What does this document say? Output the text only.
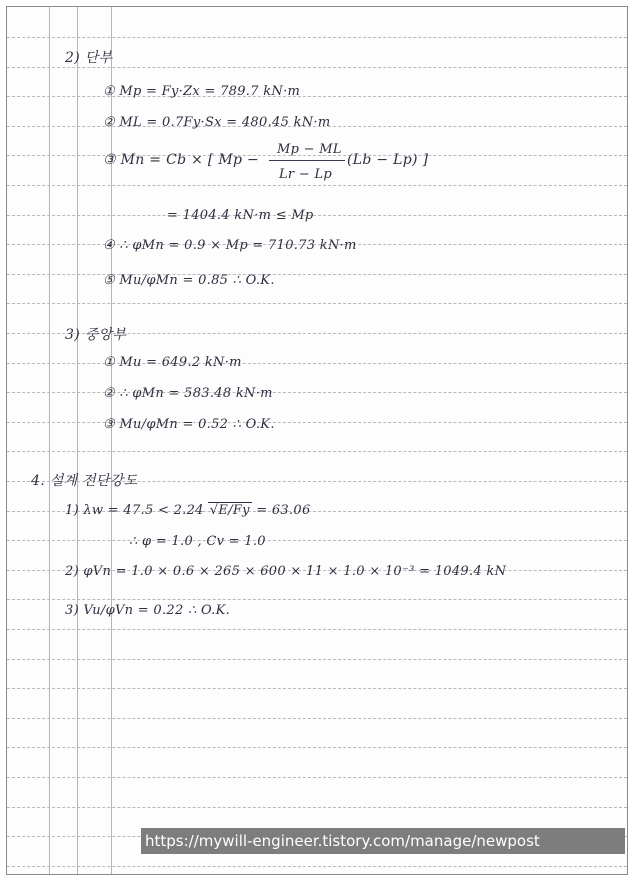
2) 단부
① Mp = Fy·Zx = 789.7 kN·m
② ML = 0.7Fy·Sx = 480.45 kN·m
③ Mn = Cb × [ Mp −
Mp − ML
Lr − Lp
(Lb − Lp) ]
= 1404.4 kN·m ≤ Mp
④ ∴ φMn = 0.9 × Mp = 710.73 kN·m
⑤ Mu/φMn = 0.85 ∴ O.K.
3) 중앙부
① Mu = 649.2 kN·m
② ∴ φMn = 583.48 kN·m
③ Mu/φMn = 0.52 ∴ O.K.
4. 설계 전단강도
1) λw = 47.5 < 2.24 √E/Fy = 63.06
∴ φ = 1.0 , Cv = 1.0
2) φVn = 1.0 × 0.6 × 265 × 600 × 11 × 1.0 × 10⁻³ = 1049.4 kN
3) Vu/φVn = 0.22 ∴ O.K.
https://mywill-engineer.tistory.com/manage/newpost
